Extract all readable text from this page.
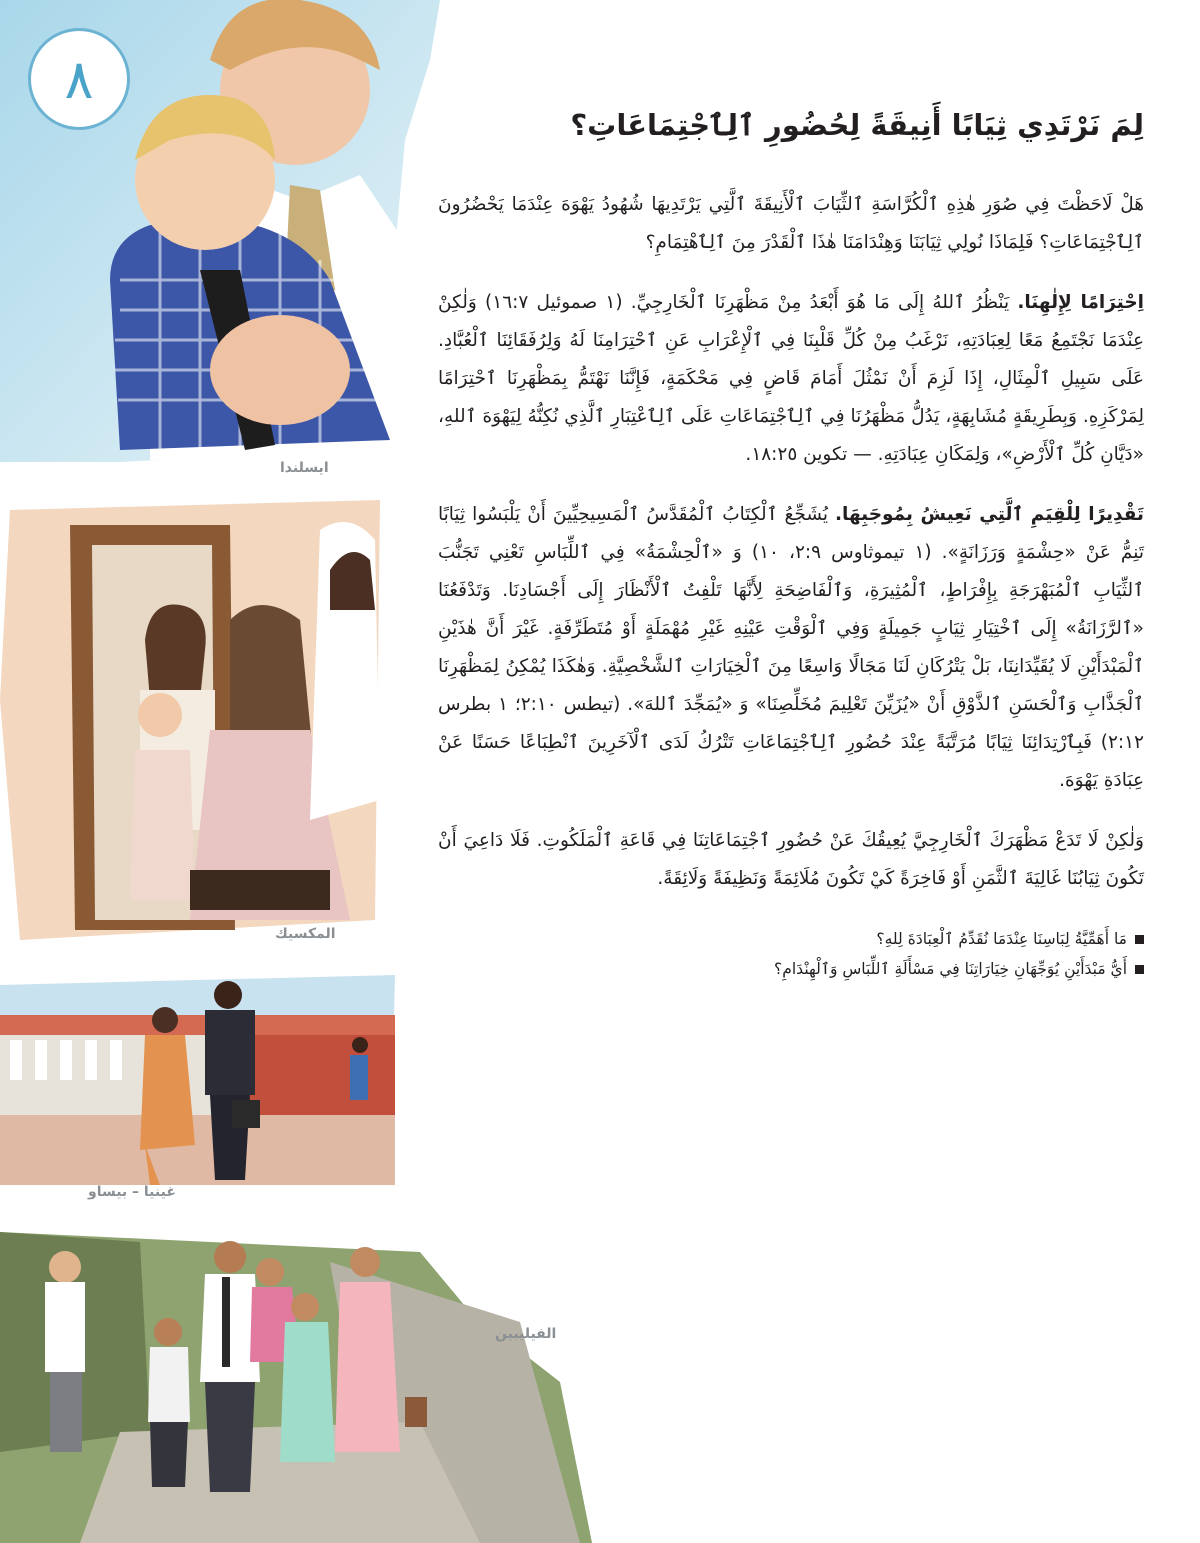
ايسلندا
المكسيك
غينيا – بيساو
الفيليبين
٨
لِمَ نَرْتَدِي ثِيَابًا أَنِيقَةً لِحُضُورِ ٱلِٱجْتِمَاعَاتِ؟

هَلْ لَاحَظْتَ فِي صُوَرِ هٰذِهِ ٱلْكُرَّاسَةِ ٱلثِّيَابَ ٱلْأَنِيقَةَ ٱلَّتِي يَرْتَدِيهَا شُهُودُ يَهْوَهَ عِنْدَمَا يَحْضُرُونَ ٱلِٱجْتِمَاعَاتِ؟ فَلِمَاذَا نُولِي ثِيَابَنَا وَهِنْدَامَنَا هٰذَا ٱلْقَدْرَ مِنَ ٱلِٱهْتِمَامِ؟

اِحْتِرَامًا لِإِلٰهِنَا. يَنْظُرُ ٱللهُ إِلَى مَا هُوَ أَبْعَدُ مِنْ مَظْهَرِنَا ٱلْخَارِجِيِّ. (١ صموئيل ١٦:٧) وَلٰكِنْ عِنْدَمَا نَجْتَمِعُ مَعًا لِعِبَادَتِهِ، نَرْغَبُ مِنْ كُلِّ قَلْبِنَا فِي ٱلْإِعْرَابِ عَنِ ٱحْتِرَامِنَا لَهُ وَلِرُفَقَائِنَا ٱلْعُبَّادِ. عَلَى سَبِيلِ ٱلْمِثَالِ، إِذَا لَزِمَ أَنْ نَمْثُلَ أَمَامَ قَاضٍ فِي مَحْكَمَةٍ، فَإِنَّنَا نَهْتَمُّ بِمَظْهَرِنَا ٱحْتِرَامًا لِمَرْكَزِهِ. وَبِطَرِيقَةٍ مُشَابِهَةٍ، يَدُلُّ مَظْهَرُنَا فِي ٱلِٱجْتِمَاعَاتِ عَلَى ٱلِٱعْتِبَارِ ٱلَّذِي نُكِنُّهُ لِيَهْوَهَ ٱللهِ، «دَيَّانِ كُلِّ ٱلْأَرْضِ»، وَلِمَكَانِ عِبَادَتِهِ. — تكوين ١٨:٢٥.

تَقْدِيرًا لِلْقِيَمِ ٱلَّتِي نَعِيشُ بِمُوجَبِهَا. يُشَجِّعُ ٱلْكِتَابُ ٱلْمُقَدَّسُ ٱلْمَسِيحِيِّينَ أَنْ يَلْبَسُوا ثِيَابًا تَنِمُّ عَنْ «حِشْمَةٍ وَرَزَانَةٍ». (١ تيموثاوس ٢:٩، ١٠) وَ «ٱلْحِشْمَةُ» فِي ٱللِّبَاسِ تَعْنِي تَجَنُّبَ ٱلثِّيَابِ ٱلْمُبَهْرَجَةِ بِإِفْرَاطٍ، ٱلْمُثِيرَةِ، وَٱلْفَاضِحَةِ لِأَنَّهَا تَلْفِتُ ٱلْأَنْظَارَ إِلَى أَجْسَادِنَا. وَتَدْفَعُنَا «ٱلرَّزَانَةُ» إِلَى ٱخْتِيَارِ ثِيَابٍ جَمِيلَةٍ وَفِي ٱلْوَقْتِ عَيْنِهِ غَيْرِ مُهْمَلَةٍ أَوْ مُتَطَرِّفَةٍ. غَيْرَ أَنَّ هٰذَيْنِ ٱلْمَبْدَأَيْنِ لَا يُقَيِّدَانِنَا، بَلْ يَتْرُكَانِ لَنَا مَجَالًا وَاسِعًا مِنَ ٱلْخِيَارَاتِ ٱلشَّخْصِيَّةِ. وَهٰكَذَا يُمْكِنُ لِمَظْهَرِنَا ٱلْجَذَّابِ وَٱلْحَسَنِ ٱلذَّوْقِ أَنْ «يُزَيِّنَ تَعْلِيمَ مُخَلِّصِنَا» وَ «يُمَجِّدَ ٱللهَ». (تيطس ٢:١٠؛ ١ بطرس ٢:١٢) فَبِٱرْتِدَائِنَا ثِيَابًا مُرَتَّبَةً عِنْدَ حُضُورِ ٱلِٱجْتِمَاعَاتِ تَتْرُكُ لَدَى ٱلْآخَرِينَ ٱنْطِبَاعًا حَسَنًا عَنْ عِبَادَةِ يَهْوَهَ.

وَلٰكِنْ لَا تَدَعْ مَظْهَرَكَ ٱلْخَارِجِيَّ يُعِيقُكَ عَنْ حُضُورِ ٱجْتِمَاعَاتِنَا فِي قَاعَةِ ٱلْمَلَكُوتِ. فَلَا دَاعِيَ أَنْ تَكُونَ ثِيَابُنَا غَالِيَةَ ٱلثَّمَنِ أَوْ فَاخِرَةً كَيْ تَكُونَ مُلَائِمَةً وَنَظِيفَةً وَلَائِقَةً.

مَا أَهَمِّيَّةُ لِبَاسِنَا عِنْدَمَا نُقَدِّمُ ٱلْعِبَادَةَ لِلهِ؟
أَيُّ مَبْدَأَيْنِ يُوَجِّهَانِ خِيَارَاتِنَا فِي مَسْأَلَةِ ٱللِّبَاسِ وَٱلْهِنْدَامِ؟
